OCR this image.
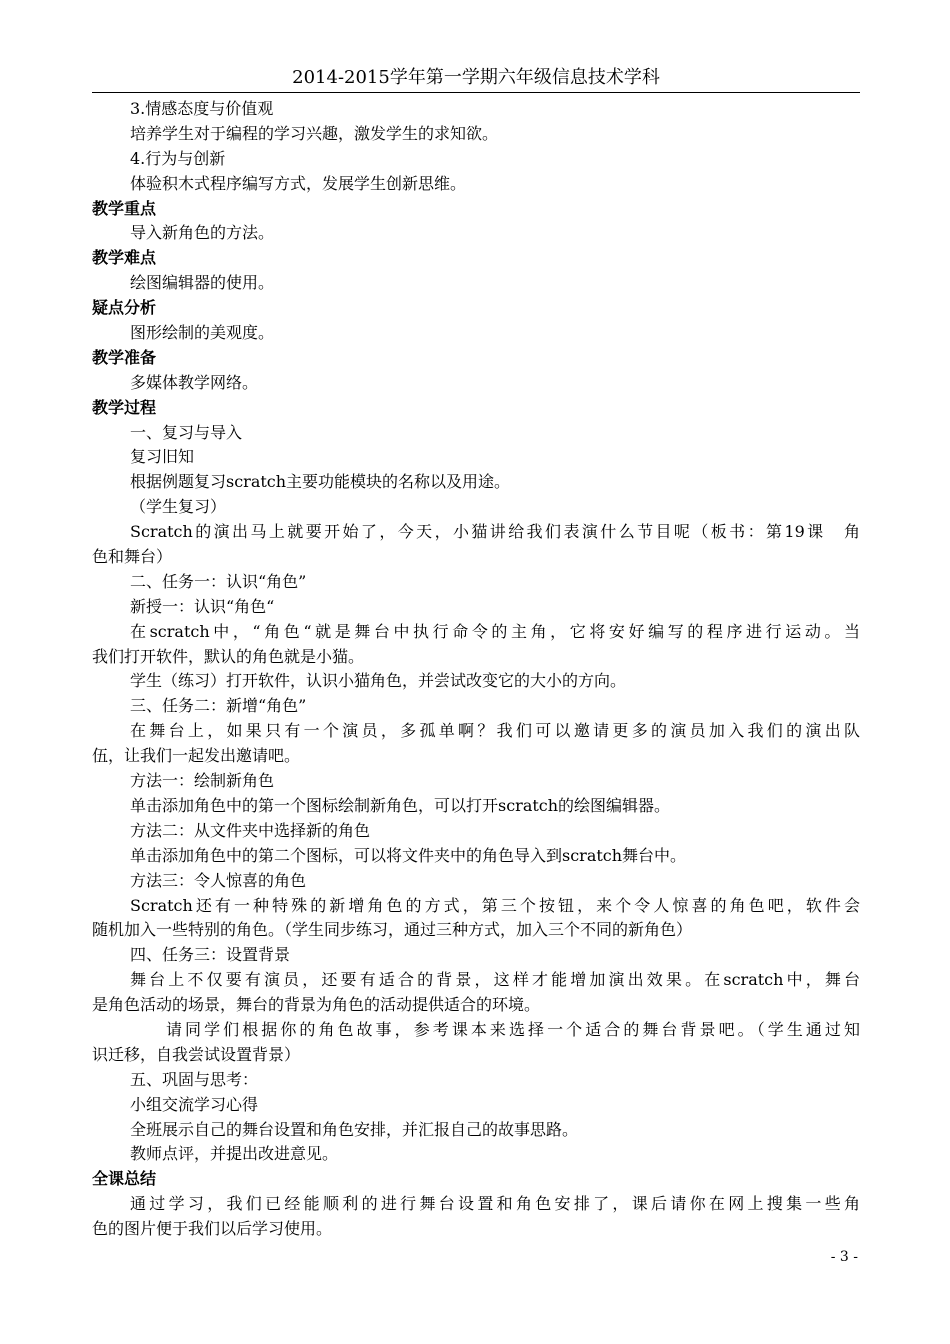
2014-2015学年第一学期六年级信息技术学科
3.情感态度与价值观
培养学生对于编程的学习兴趣，激发学生的求知欲。
4.行为与创新
体验积木式程序编写方式，发展学生创新思维。
教学重点
导入新角色的方法。
教学难点
绘图编辑器的使用。
疑点分析
图形绘制的美观度。
教学准备
多媒体教学网络。
教学过程
一、复习与导入
复习旧知
根据例题复习scratch主要功能模块的名称以及用途。
（学生复习）
Scratch的演出马上就要开始了，今天，小猫讲给我们表演什么节目呢（板书：第19课　角
色和舞台）
二、任务一：认识“角色”
新授一：认识“角色“
在scratch中，“角色“就是舞台中执行命令的主角，它将安好编写的程序进行运动。当
我们打开软件，默认的角色就是小猫。
学生（练习）打开软件，认识小猫角色，并尝试改变它的大小的方向。
三、任务二：新增“角色”
在舞台上，如果只有一个演员，多孤单啊？我们可以邀请更多的演员加入我们的演出队
伍，让我们一起发出邀请吧。
方法一：绘制新角色
单击添加角色中的第一个图标绘制新角色，可以打开scratch的绘图编辑器。
方法二：从文件夹中选择新的角色
单击添加角色中的第二个图标，可以将文件夹中的角色导入到scratch舞台中。
方法三：令人惊喜的角色
Scratch还有一种特殊的新增角色的方式，第三个按钮，来个令人惊喜的角色吧，软件会
随机加入一些特别的角色。（学生同步练习，通过三种方式，加入三个不同的新角色）
四、任务三：设置背景
舞台上不仅要有演员，还要有适合的背景，这样才能增加演出效果。在scratch中，舞台
是角色活动的场景，舞台的背景为角色的活动提供适合的环境。
请同学们根据你的角色故事，参考课本来选择一个适合的舞台背景吧。（学生通过知
识迁移，自我尝试设置背景）
五、巩固与思考：
小组交流学习心得
全班展示自己的舞台设置和角色安排，并汇报自己的故事思路。
教师点评，并提出改进意见。
全课总结
通过学习，我们已经能顺利的进行舞台设置和角色安排了，课后请你在网上搜集一些角
色的图片便于我们以后学习使用。
- 3 -
